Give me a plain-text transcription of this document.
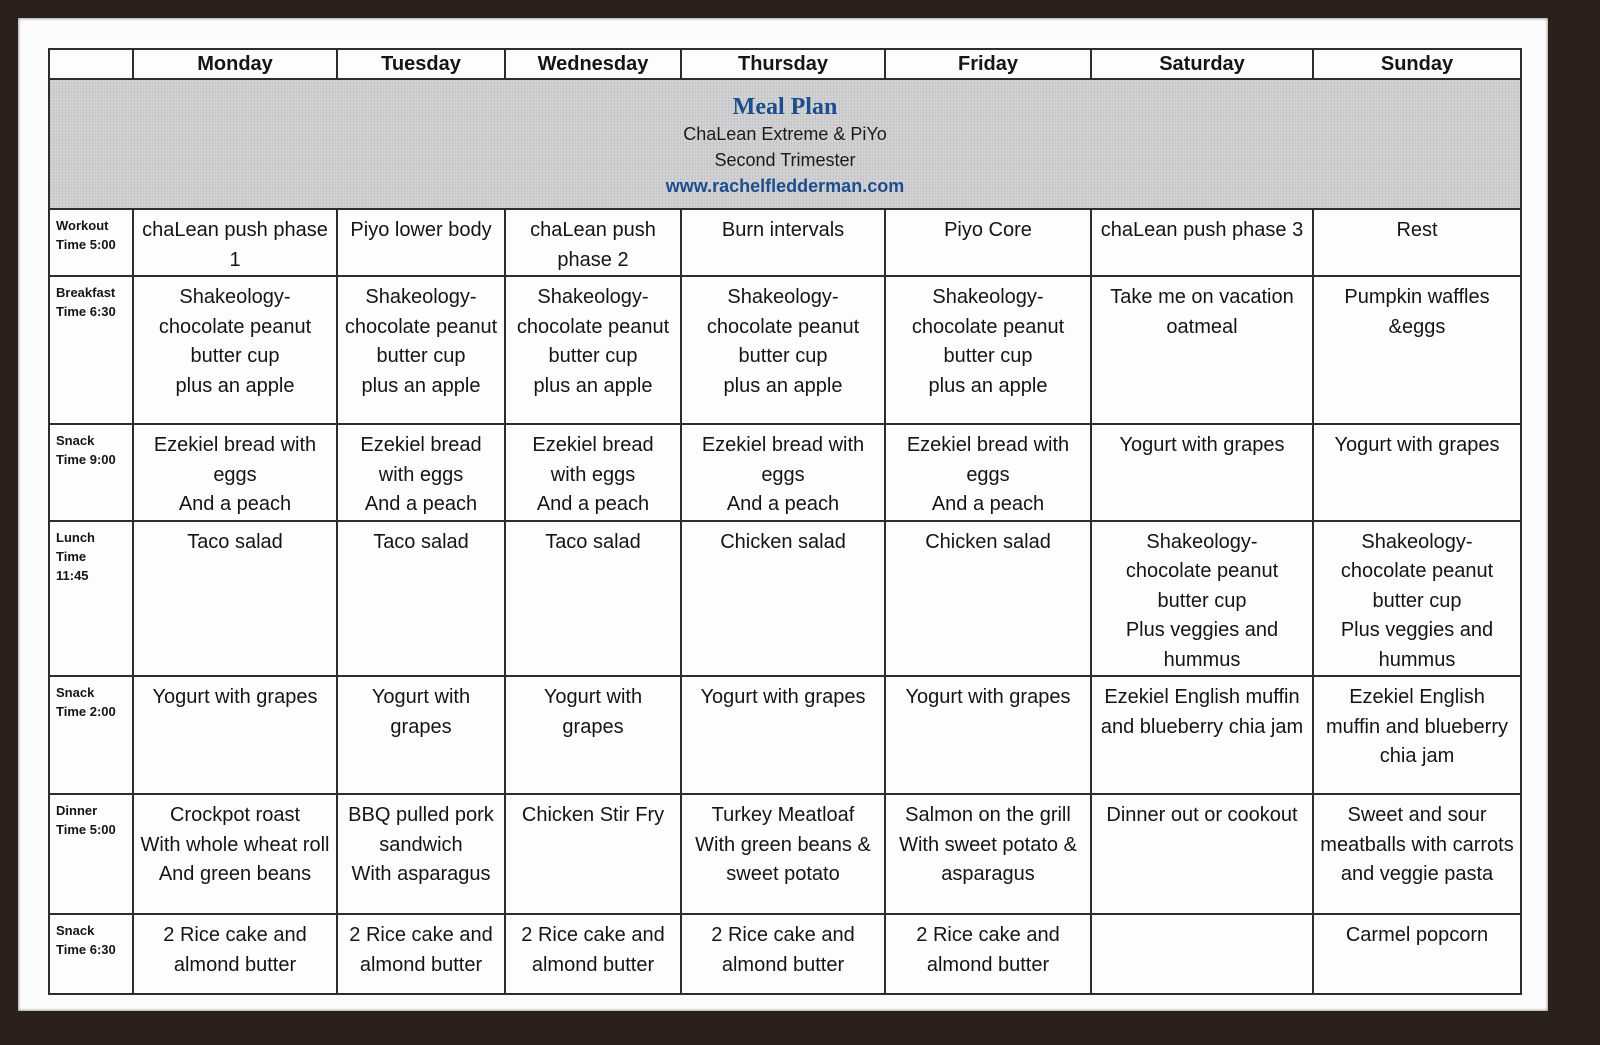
	Monday	Tuesday	Wednesday	Thursday	Friday	Saturday	Sunday

Meal Plan
ChaLean Extreme & PiYo
Second Trimester
www.rachelfledderman.com							

Workout
Time 5:00	chaLean push phase 1	Piyo lower body	chaLean push phase 2	Burn intervals	Piyo Core	chaLean push phase 3	Rest

Breakfast
Time 6:30	Shakeology-
chocolate peanut butter cup
plus an apple	Shakeology-
chocolate peanut butter cup
plus an apple	Shakeology-
chocolate peanut butter cup
plus an apple	Shakeology-
chocolate peanut butter cup
plus an apple	Shakeology-
chocolate peanut butter cup
plus an apple	Take me on vacation oatmeal	Pumpkin waffles &eggs

Snack
Time 9:00	Ezekiel bread with eggs
And a peach	Ezekiel bread with eggs
And a peach	Ezekiel bread with eggs
And a peach	Ezekiel bread with eggs
And a peach	Ezekiel bread with eggs
And a peach	Yogurt with grapes	Yogurt with grapes

Lunch
Time
11:45	Taco salad	Taco salad	Taco salad	Chicken salad	Chicken salad	Shakeology-
chocolate peanut butter cup
Plus veggies and hummus	Shakeology-
chocolate peanut butter cup
Plus veggies and hummus

Snack
Time 2:00	Yogurt with grapes	Yogurt with grapes	Yogurt with grapes	Yogurt with grapes	Yogurt with grapes	Ezekiel English muffin and blueberry chia jam	Ezekiel English muffin and blueberry chia jam

Dinner
Time 5:00	Crockpot roast
With whole wheat roll
And green beans	BBQ pulled pork sandwich
With asparagus	Chicken Stir Fry	Turkey Meatloaf
With green beans & sweet potato	Salmon on the grill
With sweet potato & asparagus	Dinner out or cookout	Sweet and sour meatballs with carrots and veggie pasta

Snack
Time 6:30	2 Rice cake and almond butter	2 Rice cake and almond butter	2 Rice cake and almond butter	2 Rice cake and almond butter	2 Rice cake and almond butter		Carmel popcorn
